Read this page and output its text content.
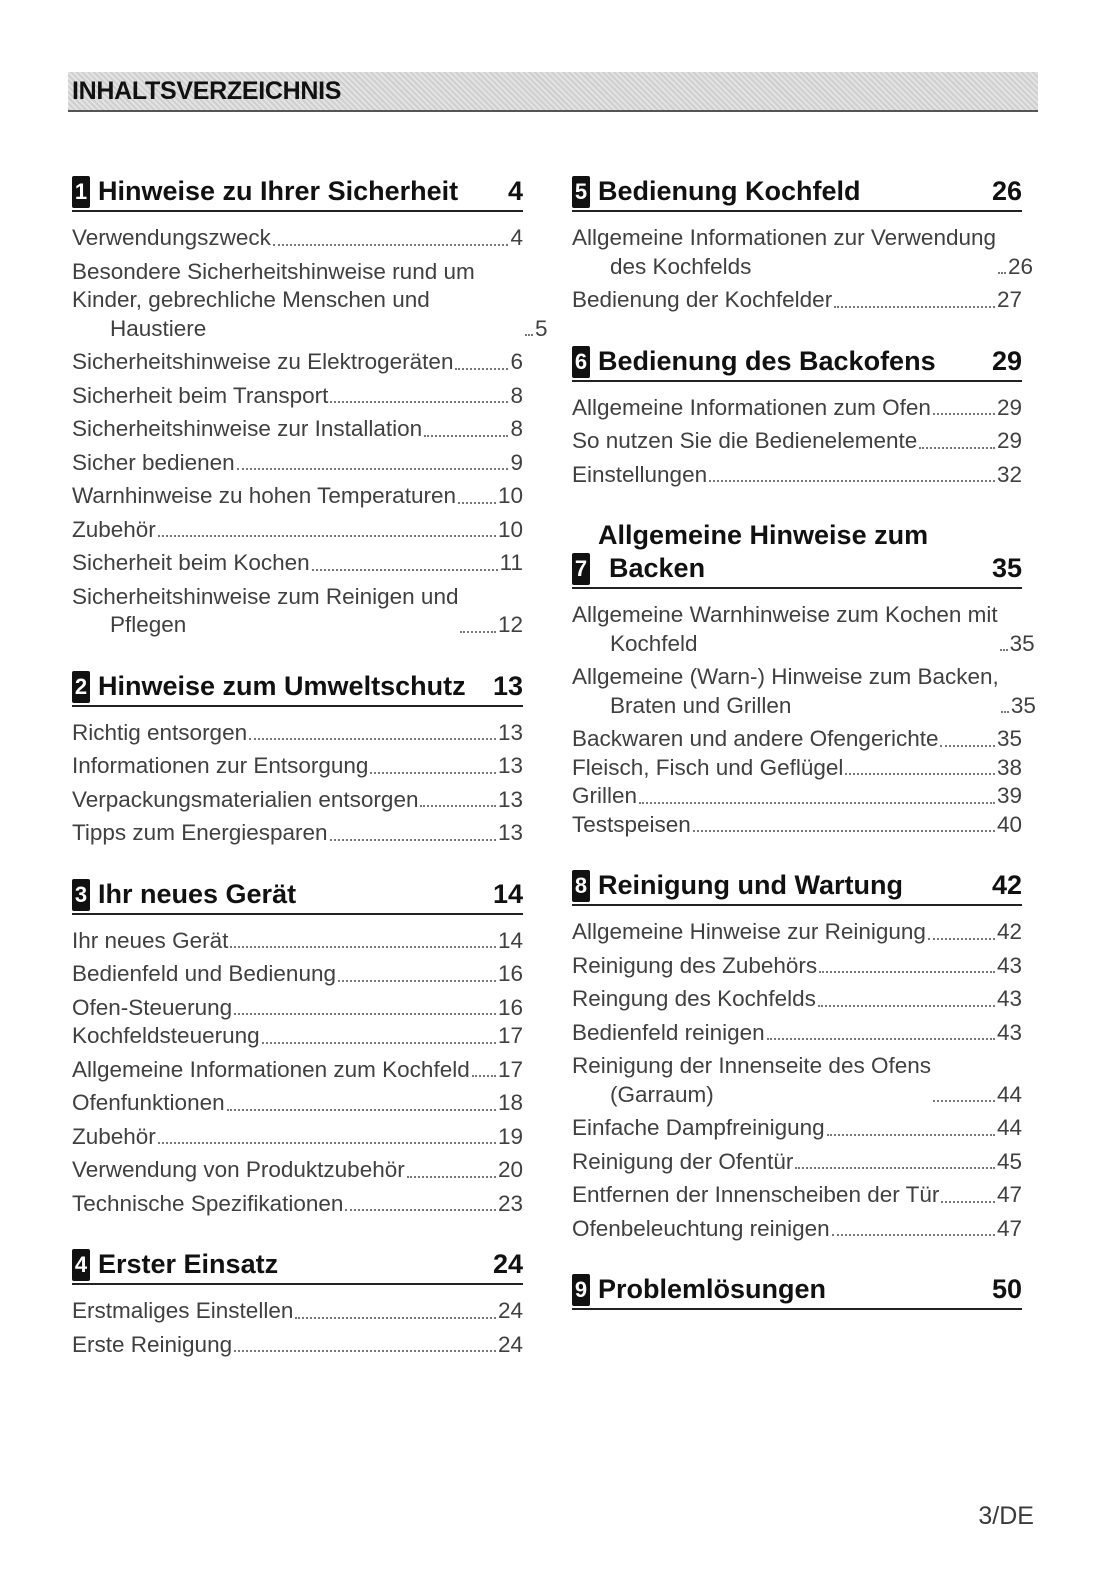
INHALTSVERZEICHNIS
1 Hinweise zu Ihrer Sicherheit	4
Verwendungszweck	4
Besondere Sicherheitshinweise rund um Kinder, gebrechliche Menschen und
Haustiere	5
Sicherheitshinweise zu Elektrogeräten	6
Sicherheit beim Transport	8
Sicherheitshinweise zur Installation	8
Sicher bedienen	9
Warnhinweise zu hohen Temperaturen 10
Zubehör	10
Sicherheit beim Kochen	11
Sicherheitshinweise zum Reinigen und
Pflegen	12
2 Hinweise zum Umweltschutz	13
Richtig entsorgen	13
Informationen zur Entsorgung	13
Verpackungsmaterialien entsorgen	13
Tipps zum Energiesparen	13
3 Ihr neues Gerät	14
Ihr neues Gerät	14
Bedienfeld und Bedienung	16
Ofen-Steuerung	16
Kochfeldsteuerung	17
Allgemeine Informationen zum Kochfeld 17
Ofenfunktionen	18
Zubehör	19
Verwendung von Produktzubehör	20
Technische Spezifikationen	23
4 Erster Einsatz	24
Erstmaliges Einstellen	24
Erste Reinigung	24
5 Bedienung Kochfeld	26
Allgemeine Informationen zur Verwendung
des Kochfelds	26
Bedienung der Kochfelder	27
6 Bedienung des Backofens	29
Allgemeine Informationen zum Ofen	29
So nutzen Sie die Bedienelemente	29
Einstellungen	32
7
Allgemeine Hinweise zum
Backen	35
Allgemeine Warnhinweise zum Kochen mit
Kochfeld	35
Allgemeine (Warn-) Hinweise zum Backen,
Braten und Grillen	35
Backwaren und andere Ofengerichte	35
Fleisch, Fisch und Geflügel	38
Grillen	39
Testspeisen	40
8 Reinigung und Wartung	42
Allgemeine Hinweise zur Reinigung	42
Reinigung des Zubehörs	43
Reingung des Kochfelds	43
Bedienfeld reinigen	43
Reinigung der Innenseite des Ofens
(Garraum)	44
Einfache Dampfreinigung	44
Reinigung der Ofentür	45
Entfernen der Innenscheiben der Tür	47
Ofenbeleuchtung reinigen	47
9 Problemlösungen	50
3/DE
